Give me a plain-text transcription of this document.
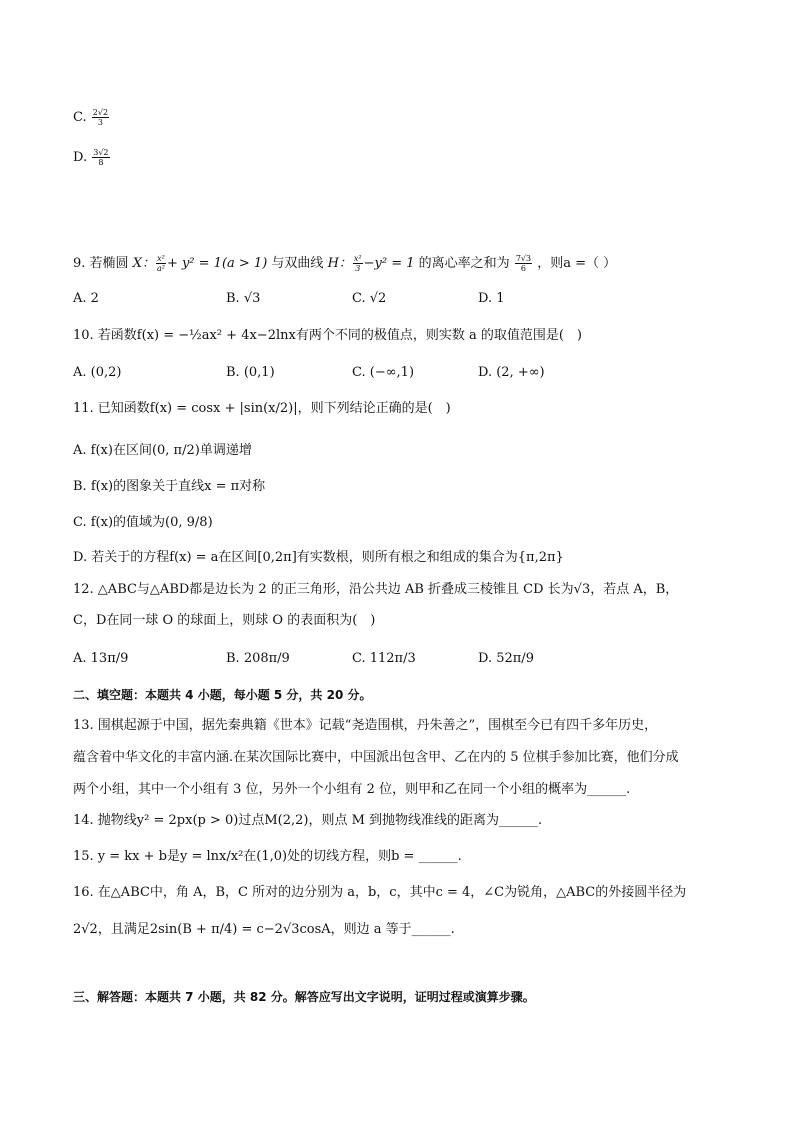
C. $\frac{2√2}{3}$
D. $\frac{3√2}{8}$
9. 若椭圆 X： $\frac{\text{x²}}{\text{a²}} + y^2 = 1(a > 1)$ 与双曲线 H： $\frac{\text{x²}}{3} -y^2 = 1$ 的离心率之和为 $\frac{7√3}{6}$ ，则a =（ ）
A. 2	B. √3	C. √2	D. 1
10. 若函数f(x) = −½ax² + 4x−2lnx有两个不同的极值点，则实数 a 的取值范围是(　)
A. (0,2)	B. (0,1)	C. (−∞,1)	D. (2, +∞)
11. 已知函数f(x) = cosx + |sin(x/2)|，则下列结论正确的是(　)
A. f(x)在区间(0, π/2)单调递增
B. f(x)的图象关于直线x = π对称
C. f(x)的值域为(0, 9/8)
D. 若关于的方程f(x) = a在区间[0,2π]有实数根，则所有根之和组成的集合为{π,2π}
12. △ABC与△ABD都是边长为 2 的正三角形，沿公共边 AB 折叠成三棱锥且 CD 长为√3，若点 A，B，
C，D在同一球 O 的球面上，则球 O 的表面积为(　)
A. 13π/9	B. 208π/9	C. 112π/3	D. 52π/9
二、填空题：本题共 4 小题，每小题 5 分，共 20 分。
13. 围棋起源于中国，据先秦典籍《世本》记载“尧造围棋，丹朱善之”，围棋至今已有四千多年历史，
蕴含着中华文化的丰富内涵.在某次国际比赛中，中国派出包含甲、乙在内的 5 位棋手参加比赛，他们分成
两个小组，其中一个小组有 3 位，另外一个小组有 2 位，则甲和乙在同一个小组的概率为______.
14. 抛物线y² = 2px(p > 0)过点M(2,2)，则点 M 到抛物线准线的距离为______.
15. y = kx + b是y = lnx/x²在(1,0)处的切线方程，则b = ______.
16. 在△ABC中，角 A，B，C 所对的边分别为 a，b，c，其中c = 4，∠C为锐角，△ABC的外接圆半径为
2√2，且满足2sin(B + π/4) = c−2√3cosA，则边 a 等于______.
三、解答题：本题共 7 小题，共 82 分。解答应写出文字说明，证明过程或演算步骤。
